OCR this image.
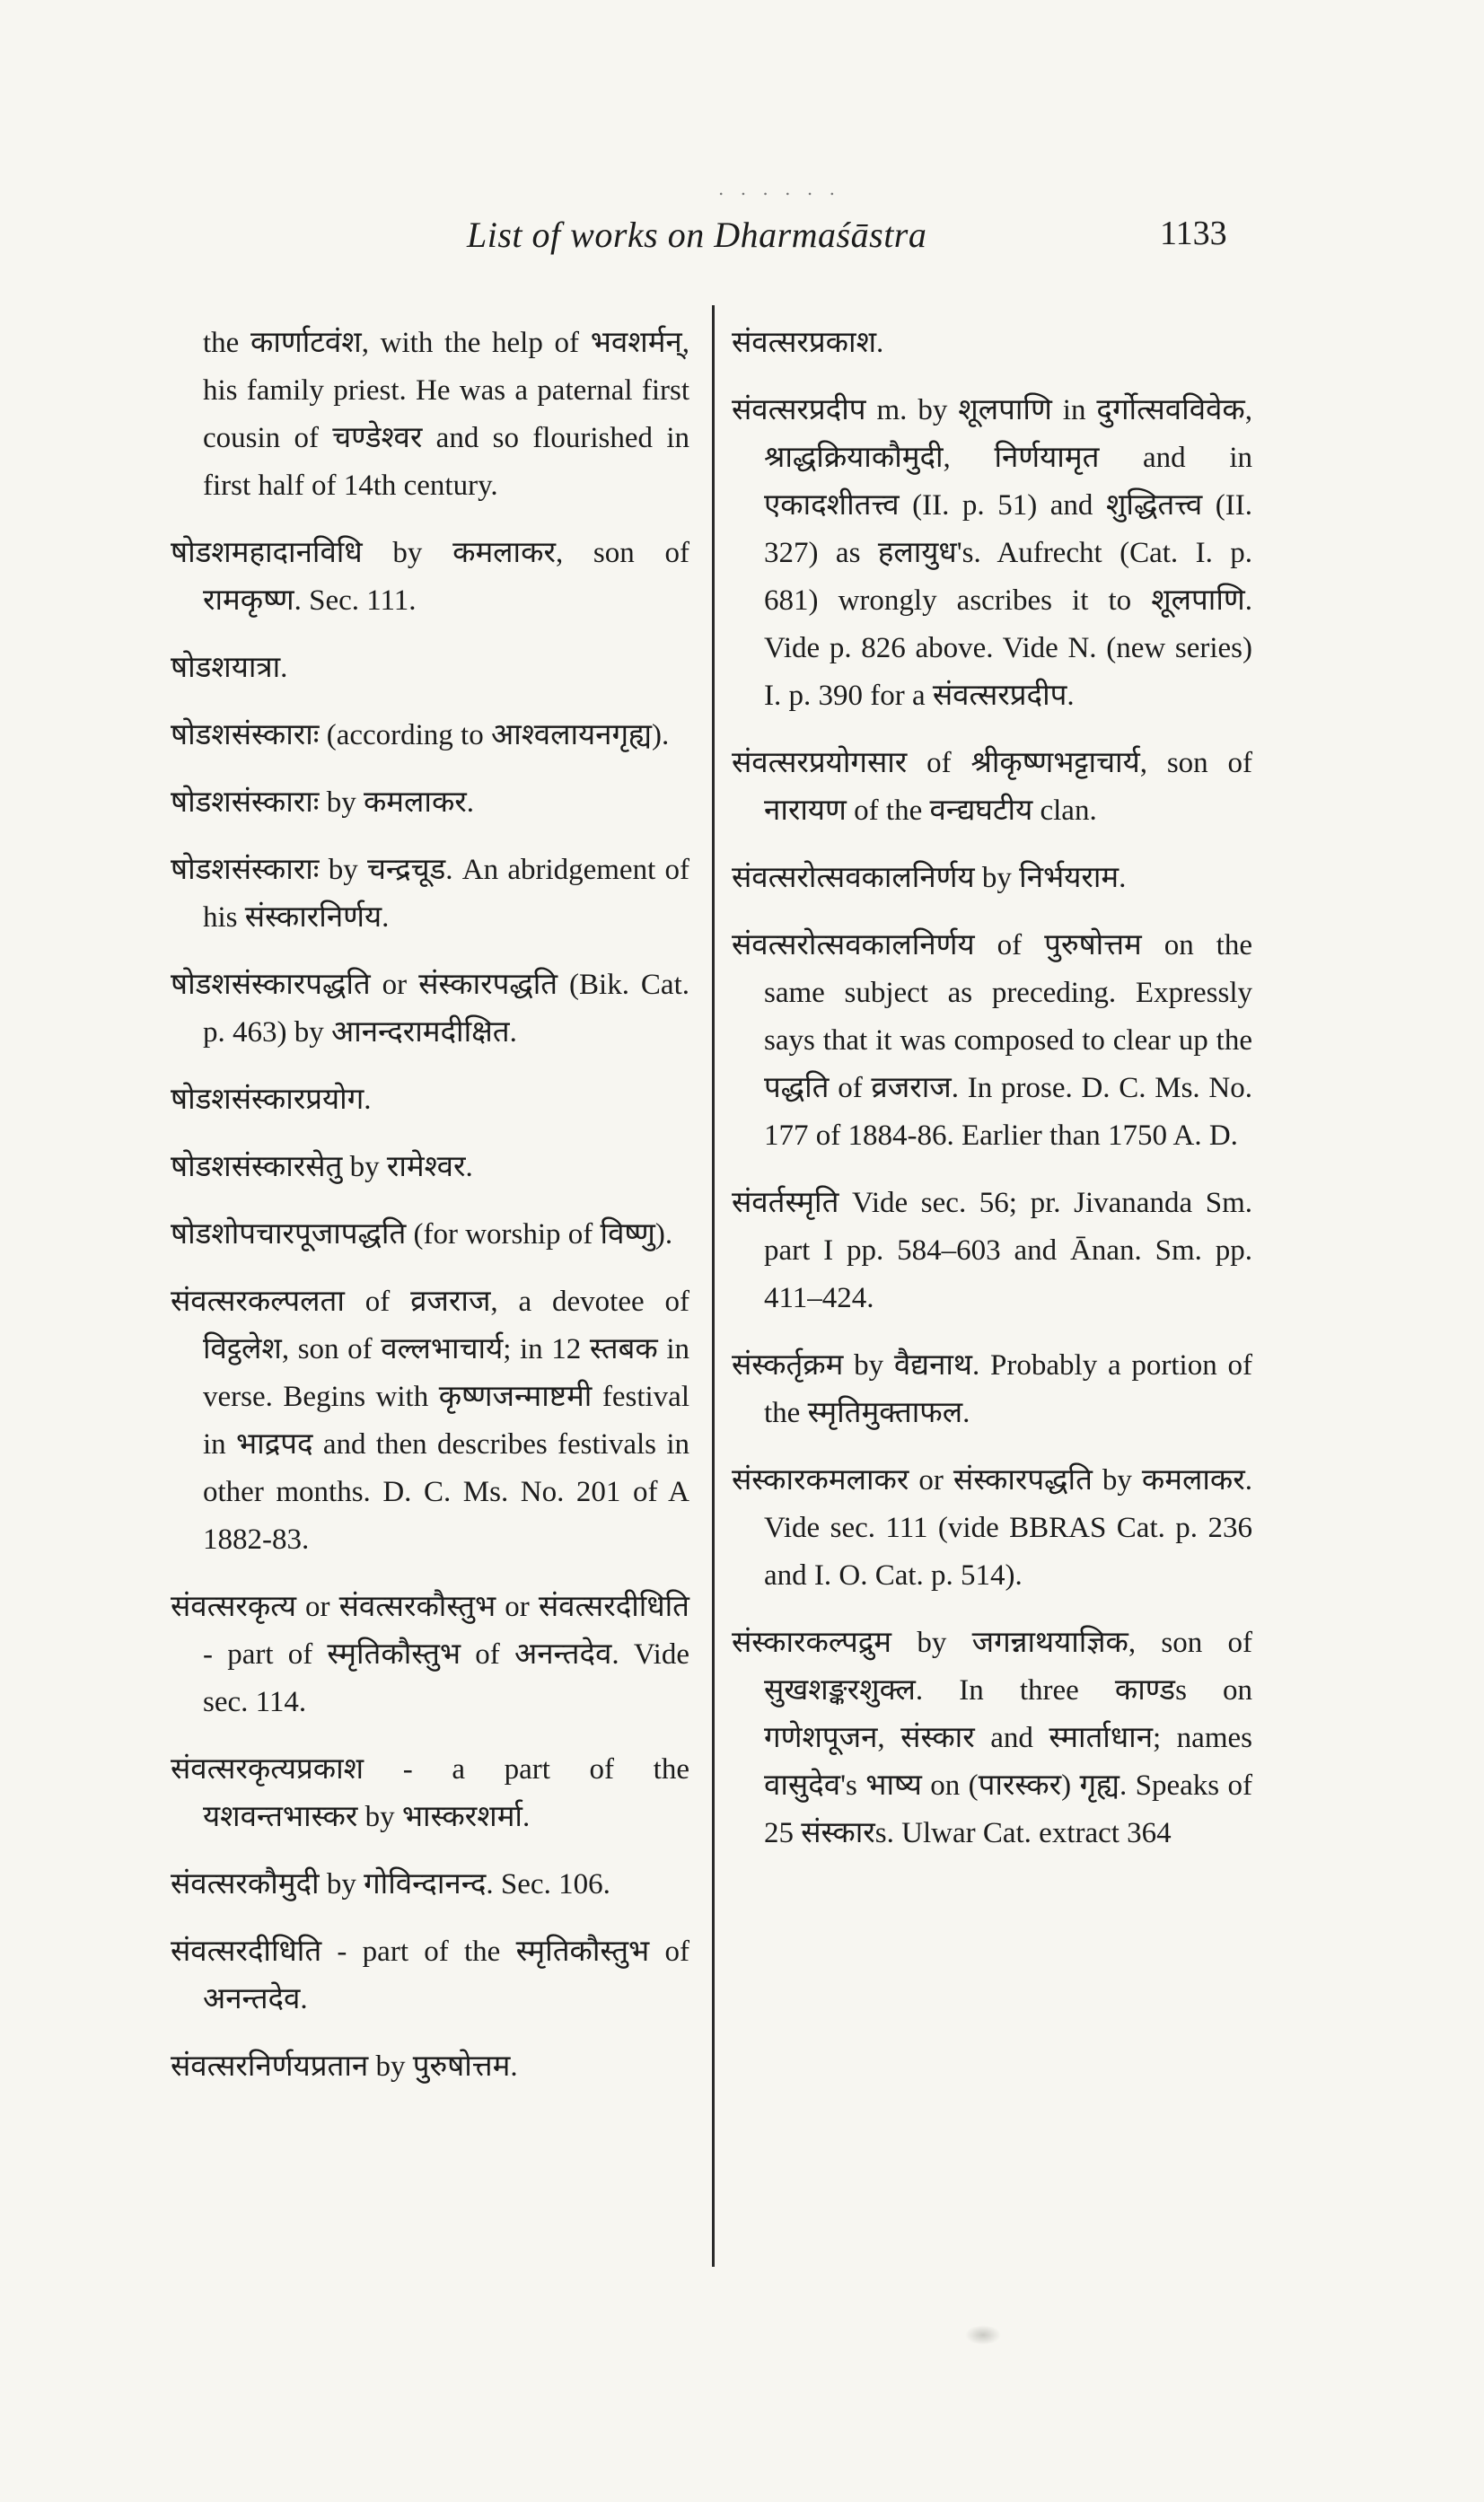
. . . . . .
List of works on Dharmaśāstra	1133

the कार्णाटवंश, with the help of भवशर्मन्, his family priest. He was a paternal first cousin of चण्डेश्वर and so flourished in first half of 14th century.

षोडशमहादानविधि by कमलाकर, son of रामकृष्ण. Sec. 111.

षोडशयात्रा.

षोडशसंस्काराः (according to आश्वलायनगृह्य).

षोडशसंस्काराः by कमलाकर.

षोडशसंस्काराः by चन्द्रचूड. An abridgement of his संस्कारनिर्णय.

षोडशसंस्कारपद्धति or संस्कारपद्धति (Bik. Cat. p. 463) by आनन्दरामदीक्षित.

षोडशसंस्कारप्रयोग.

षोडशसंस्कारसेतु by रामेश्वर.

षोडशोपचारपूजापद्धति (for worship of विष्णु).

संवत्सरकल्पलता of व्रजराज, a devotee of विट्ठलेश, son of वल्लभाचार्य; in 12 स्तबक in verse. Begins with कृष्णजन्माष्टमी festival in भाद्रपद and then describes festivals in other months. D. C. Ms. No. 201 of A 1882-83.

संवत्सरकृत्य or संवत्सरकौस्तुभ or संवत्सरदीधिति - part of स्मृतिकौस्तुभ of अनन्तदेव. Vide sec. 114.

संवत्सरकृत्यप्रकाश - a part of the यशवन्तभास्कर by भास्करशर्मा.

संवत्सरकौमुदी by गोविन्दानन्द. Sec. 106.

संवत्सरदीधिति - part of the स्मृतिकौस्तुभ of अनन्तदेव.

संवत्सरनिर्णयप्रतान by पुरुषोत्तम.

संवत्सरप्रकाश.

संवत्सरप्रदीप m. by शूलपाणि in दुर्गोत्सवविवेक, श्राद्धक्रियाकौमुदी, निर्णयामृत and in एकादशीतत्त्व (II. p. 51) and शुद्धितत्त्व (II. 327) as हलायुध's. Aufrecht (Cat. I. p. 681) wrongly ascribes it to शूलपाणि. Vide p. 826 above. Vide N. (new series) I. p. 390 for a संवत्सरप्रदीप.

संवत्सरप्रयोगसार of श्रीकृष्णभट्टाचार्य, son of नारायण of the वन्द्यघटीय clan.

संवत्सरोत्सवकालनिर्णय by निर्भयराम.

संवत्सरोत्सवकालनिर्णय of पुरुषोत्तम on the same subject as preceding. Expressly says that it was composed to clear up the पद्धति of व्रजराज. In prose. D. C. Ms. No. 177 of 1884-86. Earlier than 1750 A. D.

संवर्तस्मृति Vide sec. 56; pr. Jivananda Sm. part I pp. 584–603 and Ānan. Sm. pp. 411–424.

संस्कर्तृक्रम by वैद्यनाथ. Probably a portion of the स्मृतिमुक्ताफल.

संस्कारकमलाकर or संस्कारपद्धति by कमलाकर. Vide sec. 111 (vide BBRAS Cat. p. 236 and I. O. Cat. p. 514).

संस्कारकल्पद्रुम by जगन्नाथयाज्ञिक, son of सुखशङ्करशुक्ल. In three काण्डs on गणेशपूजन, संस्कार and स्मार्ताधान; names वासुदेव's भाष्य on (पारस्कर) गृह्य. Speaks of 25 संस्कारs. Ulwar Cat. extract 364
